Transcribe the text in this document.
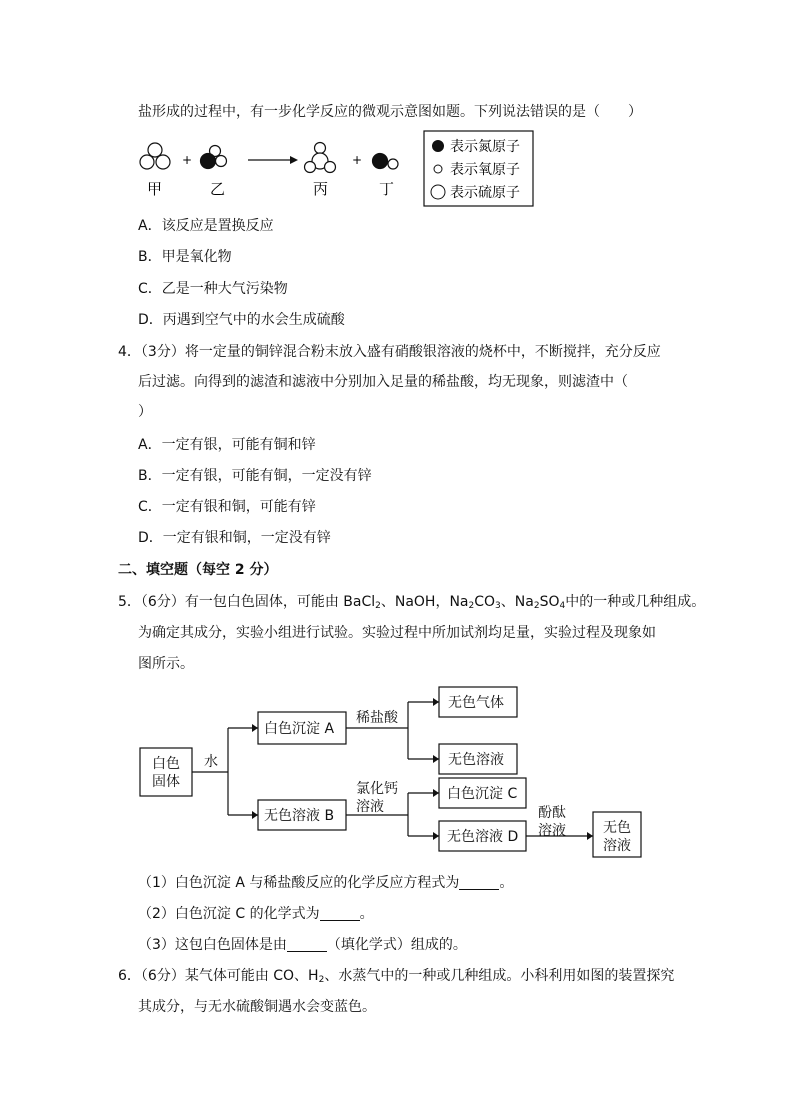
盐形成的过程中，有一步化学反应的微观示意图如题。下列说法错误的是（　　）
+	+
甲	乙	丙	丁
表示氮原子
表示氧原子
表示硫原子
A．该反应是置换反应
B．甲是氧化物
C．乙是一种大气污染物
D．丙遇到空气中的水会生成硫酸
4．（3分）将一定量的铜锌混合粉末放入盛有硝酸银溶液的烧杯中，不断搅拌，充分反应
后过滤。向得到的滤渣和滤液中分别加入足量的稀盐酸，均无现象，则滤渣中（
）
A．一定有银，可能有铜和锌
B．一定有银，可能有铜，一定没有锌
C．一定有银和铜，可能有锌
D．一定有银和铜，一定没有锌
二、填空题（每空 2 分）
5．（6分）有一包白色固体，可能由 BaCl$_2$、NaOH，$Na_2CO_3$、$Na_2SO_4$中的一种或几种组成。
为确定其成分，实验小组进行试验。实验过程中所加试剂均足量，实验过程及现象如
图所示。
白色
固体
水
白色沉淀 A
稀盐酸
无色气体
无色溶液
无色溶液 B
氯化钙
溶液
白色沉淀 C
无色溶液 D
酚酞
溶液	无色
溶液
（1）白色沉淀 A 与稀盐酸反应的化学反应方程式为	。
（2）白色沉淀 C 的化学式为	。
（3）这包白色固体是由	（填化学式）组成的。
6．（6分）某气体可能由 CO、$H_2$、水蒸气中的一种或几种组成。小科利用如图的装置探究
其成分，与无水硫酸铜遇水会变蓝色。
